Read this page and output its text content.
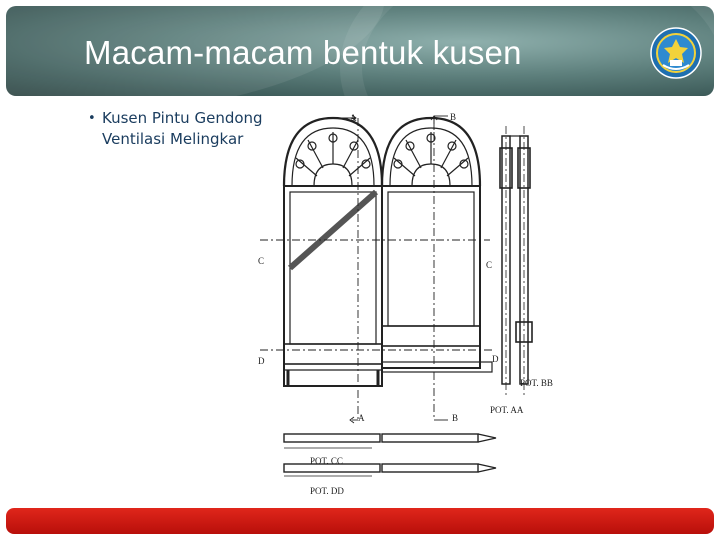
Macam-macam bentuk kusen
• Kusen Pintu Gendong
Ventilasi Melingkar
A	B
C	C
D	D
A	B
POT. BB
POT. AA
POT. CC
POT. DD
